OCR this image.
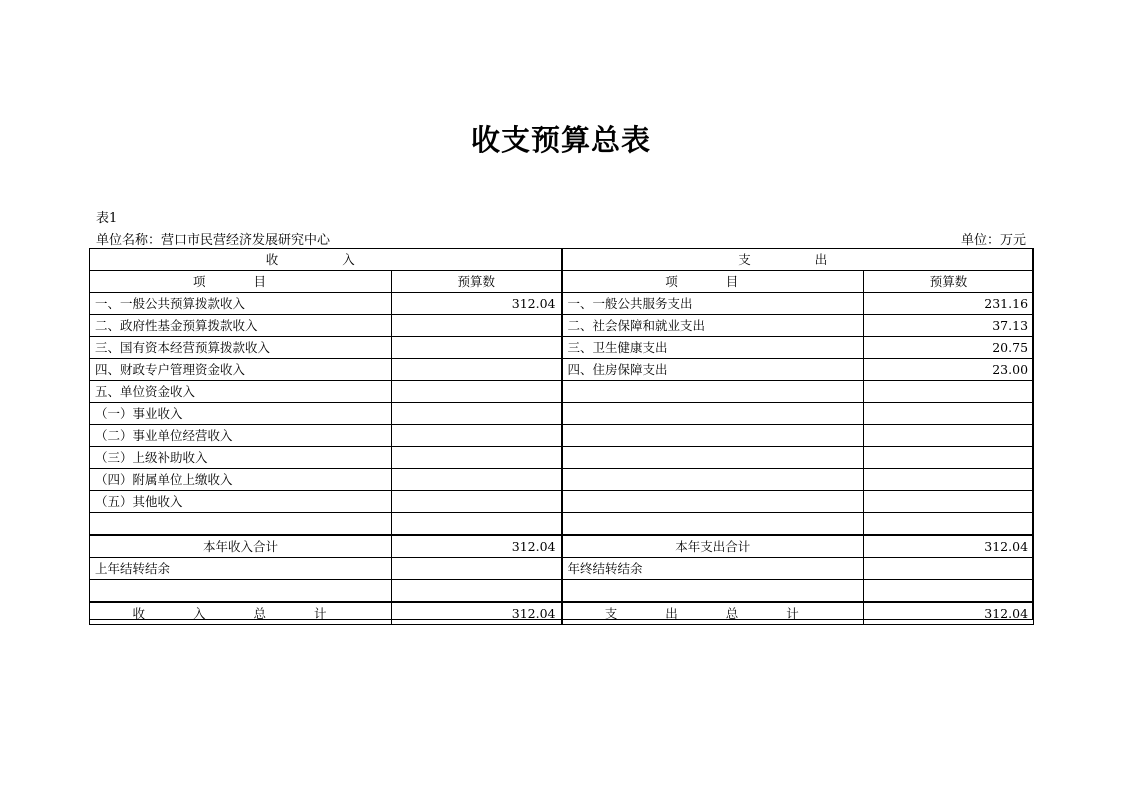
收支预算总表
表1
单位名称：营口市民营经济发展研究中心	单位：万元
收 入		支 出	
项 目	预算数	项 目	预算数
一、一般公共预算拨款收入	312.04	一、一般公共服务支出	231.16
二、政府性基金预算拨款收入		二、社会保障和就业支出	37.13
三、国有资本经营预算拨款收入		三、卫生健康支出	20.75
四、财政专户管理资金收入		四、住房保障支出	23.00
五、单位资金收入			
（一）事业收入			
（二）事业单位经营收入			
（三）上级补助收入			
（四）附属单位上缴收入			
（五）其他收入			

本年收入合计	312.04	本年支出合计	312.04
上年结转结余		年终结转结余	

收 入 总 计	312.04	支 出 总 计	312.04
